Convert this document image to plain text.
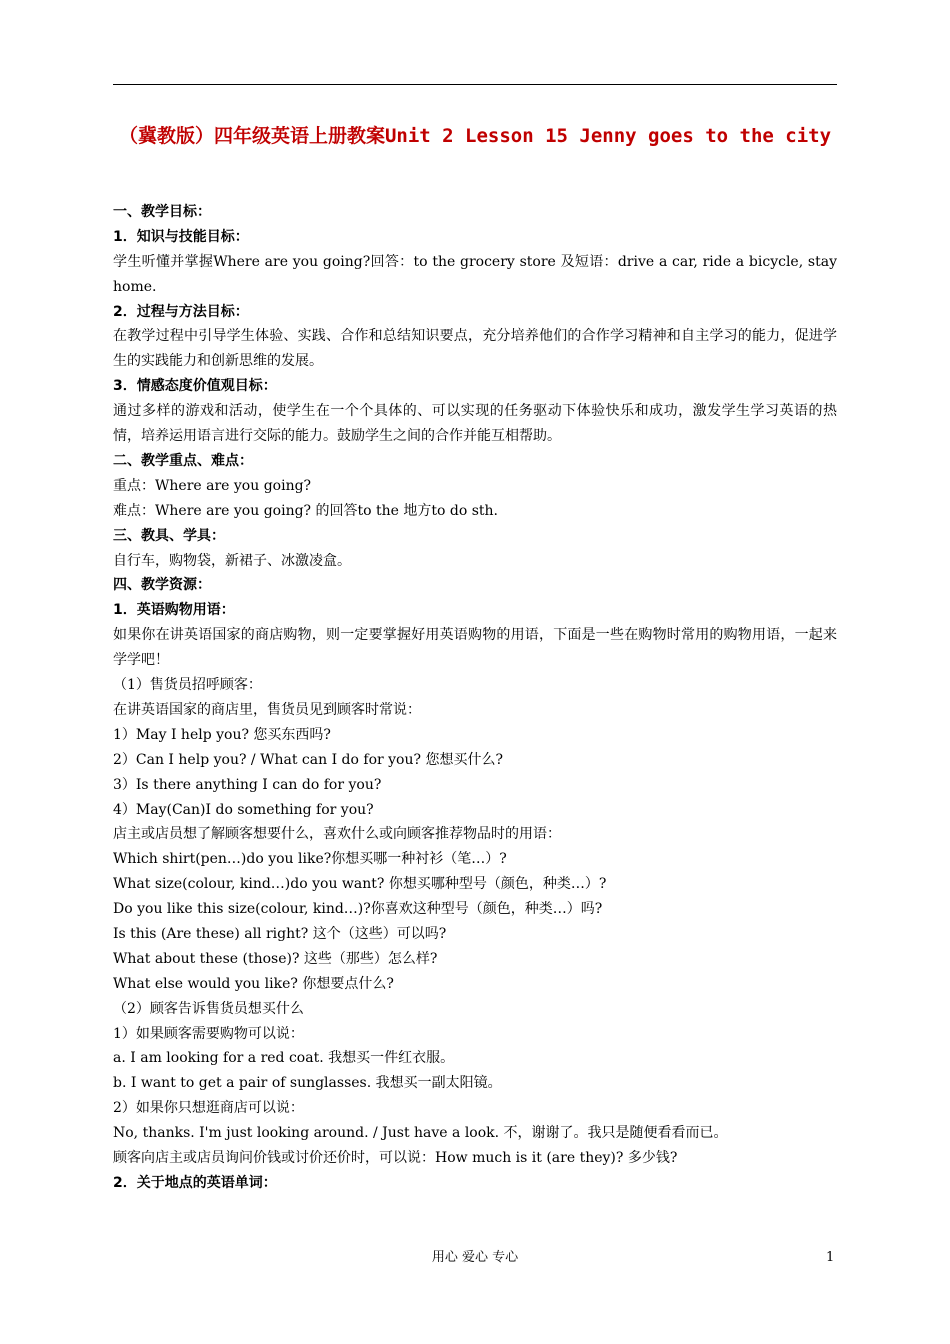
（冀教版）四年级英语上册教案Unit 2 Lesson 15 Jenny goes to the city
一、教学目标：
1．知识与技能目标：
学生听懂并掌握Where are you going?回答：to the grocery store 及短语：drive a car, ride a bicycle, stay home.
2．过程与方法目标：
在教学过程中引导学生体验、实践、合作和总结知识要点，充分培养他们的合作学习精神和自主学习的能力，促进学生的实践能力和创新思维的发展。
3．情感态度价值观目标：
通过多样的游戏和活动，使学生在一个个具体的、可以实现的任务驱动下体验快乐和成功，激发学生学习英语的热情，培养运用语言进行交际的能力。鼓励学生之间的合作并能互相帮助。
二、教学重点、难点：
重点：Where are you going?
难点：Where are you going? 的回答to the 地方to do sth.
三、教具、学具：
自行车，购物袋，新裙子、冰激凌盒。
四、教学资源：
1．英语购物用语：
如果你在讲英语国家的商店购物，则一定要掌握好用英语购物的用语，下面是一些在购物时常用的购物用语，一起来学学吧！
（1）售货员招呼顾客：
在讲英语国家的商店里，售货员见到顾客时常说：
1）May I help you? 您买东西吗?
2）Can I help you? / What can I do for you? 您想买什么?
3）Is there anything I can do for you?
4）May(Can)I do something for you?
店主或店员想了解顾客想要什么，喜欢什么或向顾客推荐物品时的用语：
Which shirt(pen…)do you like?你想买哪一种衬衫（笔…）?
What size(colour, kind…)do you want? 你想买哪种型号（颜色，种类…）?
Do you like this size(colour, kind…)?你喜欢这种型号（颜色，种类…）吗?
Is this (Are these) all right? 这个（这些）可以吗?
What about these (those)? 这些（那些）怎么样?
What else would you like? 你想要点什么?
（2）顾客告诉售货员想买什么
1）如果顾客需要购物可以说：
a. I am looking for a red coat. 我想买一件红衣服。
b. I want to get a pair of sunglasses. 我想买一副太阳镜。
2）如果你只想逛商店可以说：
No, thanks. I'm just looking around. / Just have a look. 不，谢谢了。我只是随便看看而已。
顾客向店主或店员询问价钱或讨价还价时，可以说：How much is it (are they)? 多少钱?
2．关于地点的英语单词：
用心 爱心 专心	1
